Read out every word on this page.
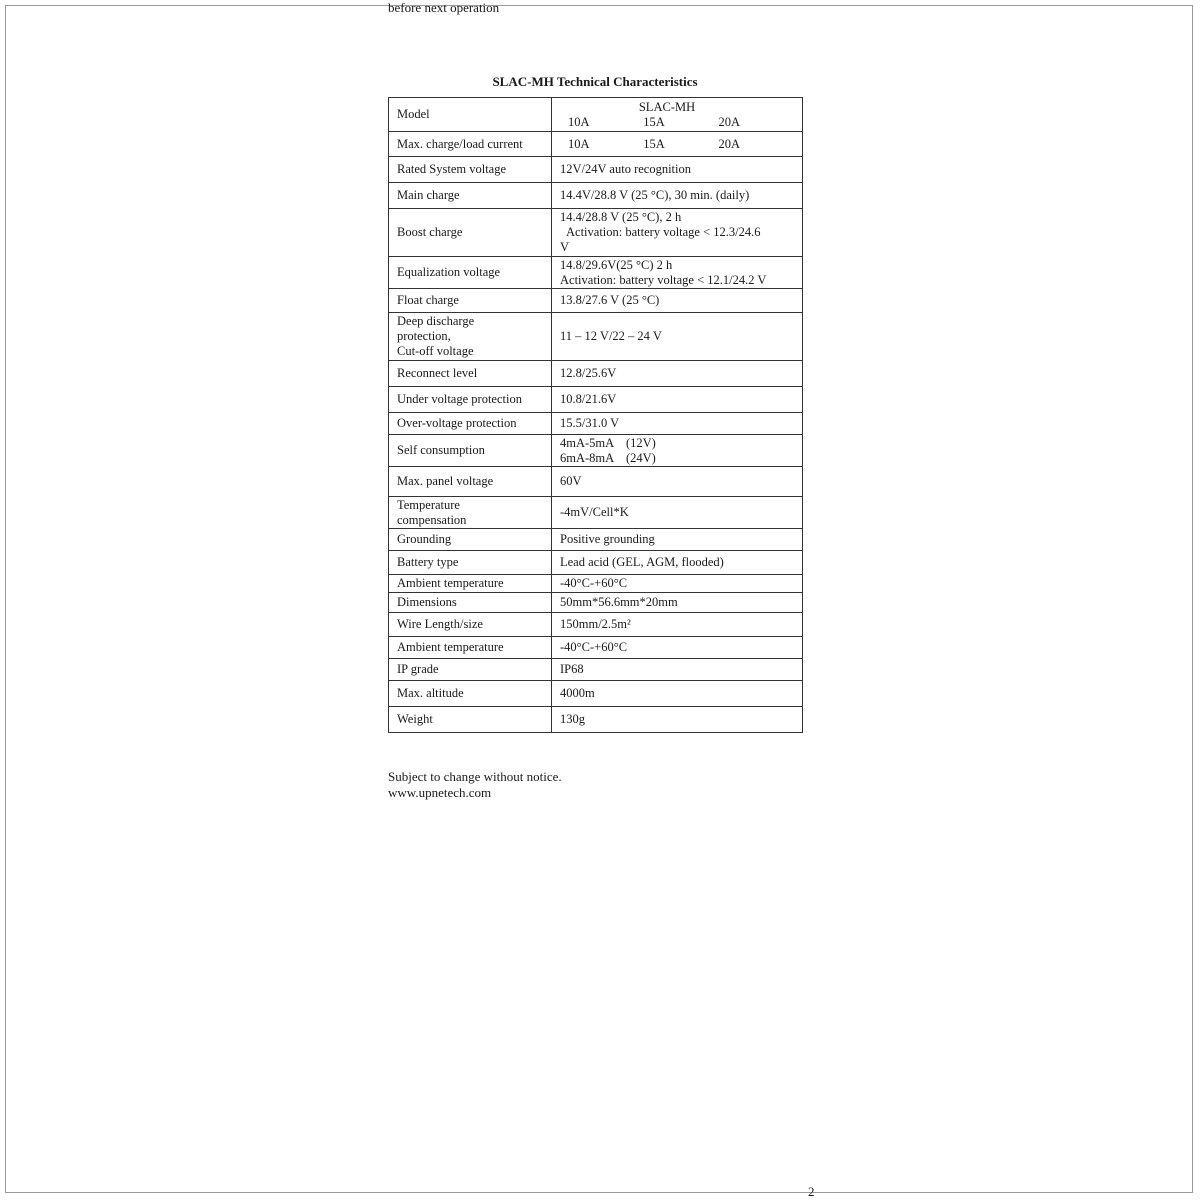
before next operation
SLAC-MH Technical Characteristics
Model	SLAC-MH
10A 15A 20A

Max. charge/load current	10A 15A 20A

Rated System voltage	12V/24V auto recognition
Main charge	14.4V/28.8 V (25 °C), 30 min. (daily)
Boost charge	14.4/28.8 V (25 °C), 2 h
Activation: battery voltage < 12.3/24.6
V

Equalization voltage	14.8/29.6V(25 °C) 2 h
Activation: battery voltage < 12.1/24.2 V

Float charge	13.8/27.6 V (25 °C)

Deep discharge
protection,
Cut-off voltage	11 – 12 V/22 – 24 V
Reconnect level	12.8/25.6V
Under voltage protection	10.8/21.6V
Over-voltage protection	15.5/31.0 V
Self consumption	4mA-5mA　(12V)
6mA-8mA　(24V)

Max. panel voltage	60V

Temperature
compensation	-4mV/Cell*K
Grounding	Positive grounding
Battery type	Lead acid (GEL, AGM, flooded)
Ambient temperature	-40°C-+60°C
Dimensions	50mm*56.6mm*20mm
Wire Length/size	150mm/2.5m²
Ambient temperature	-40°C-+60°C
IP grade	IP68
Max. altitude	4000m
Weight	130g
Subject to change without notice.
www.upnetech.com
2
